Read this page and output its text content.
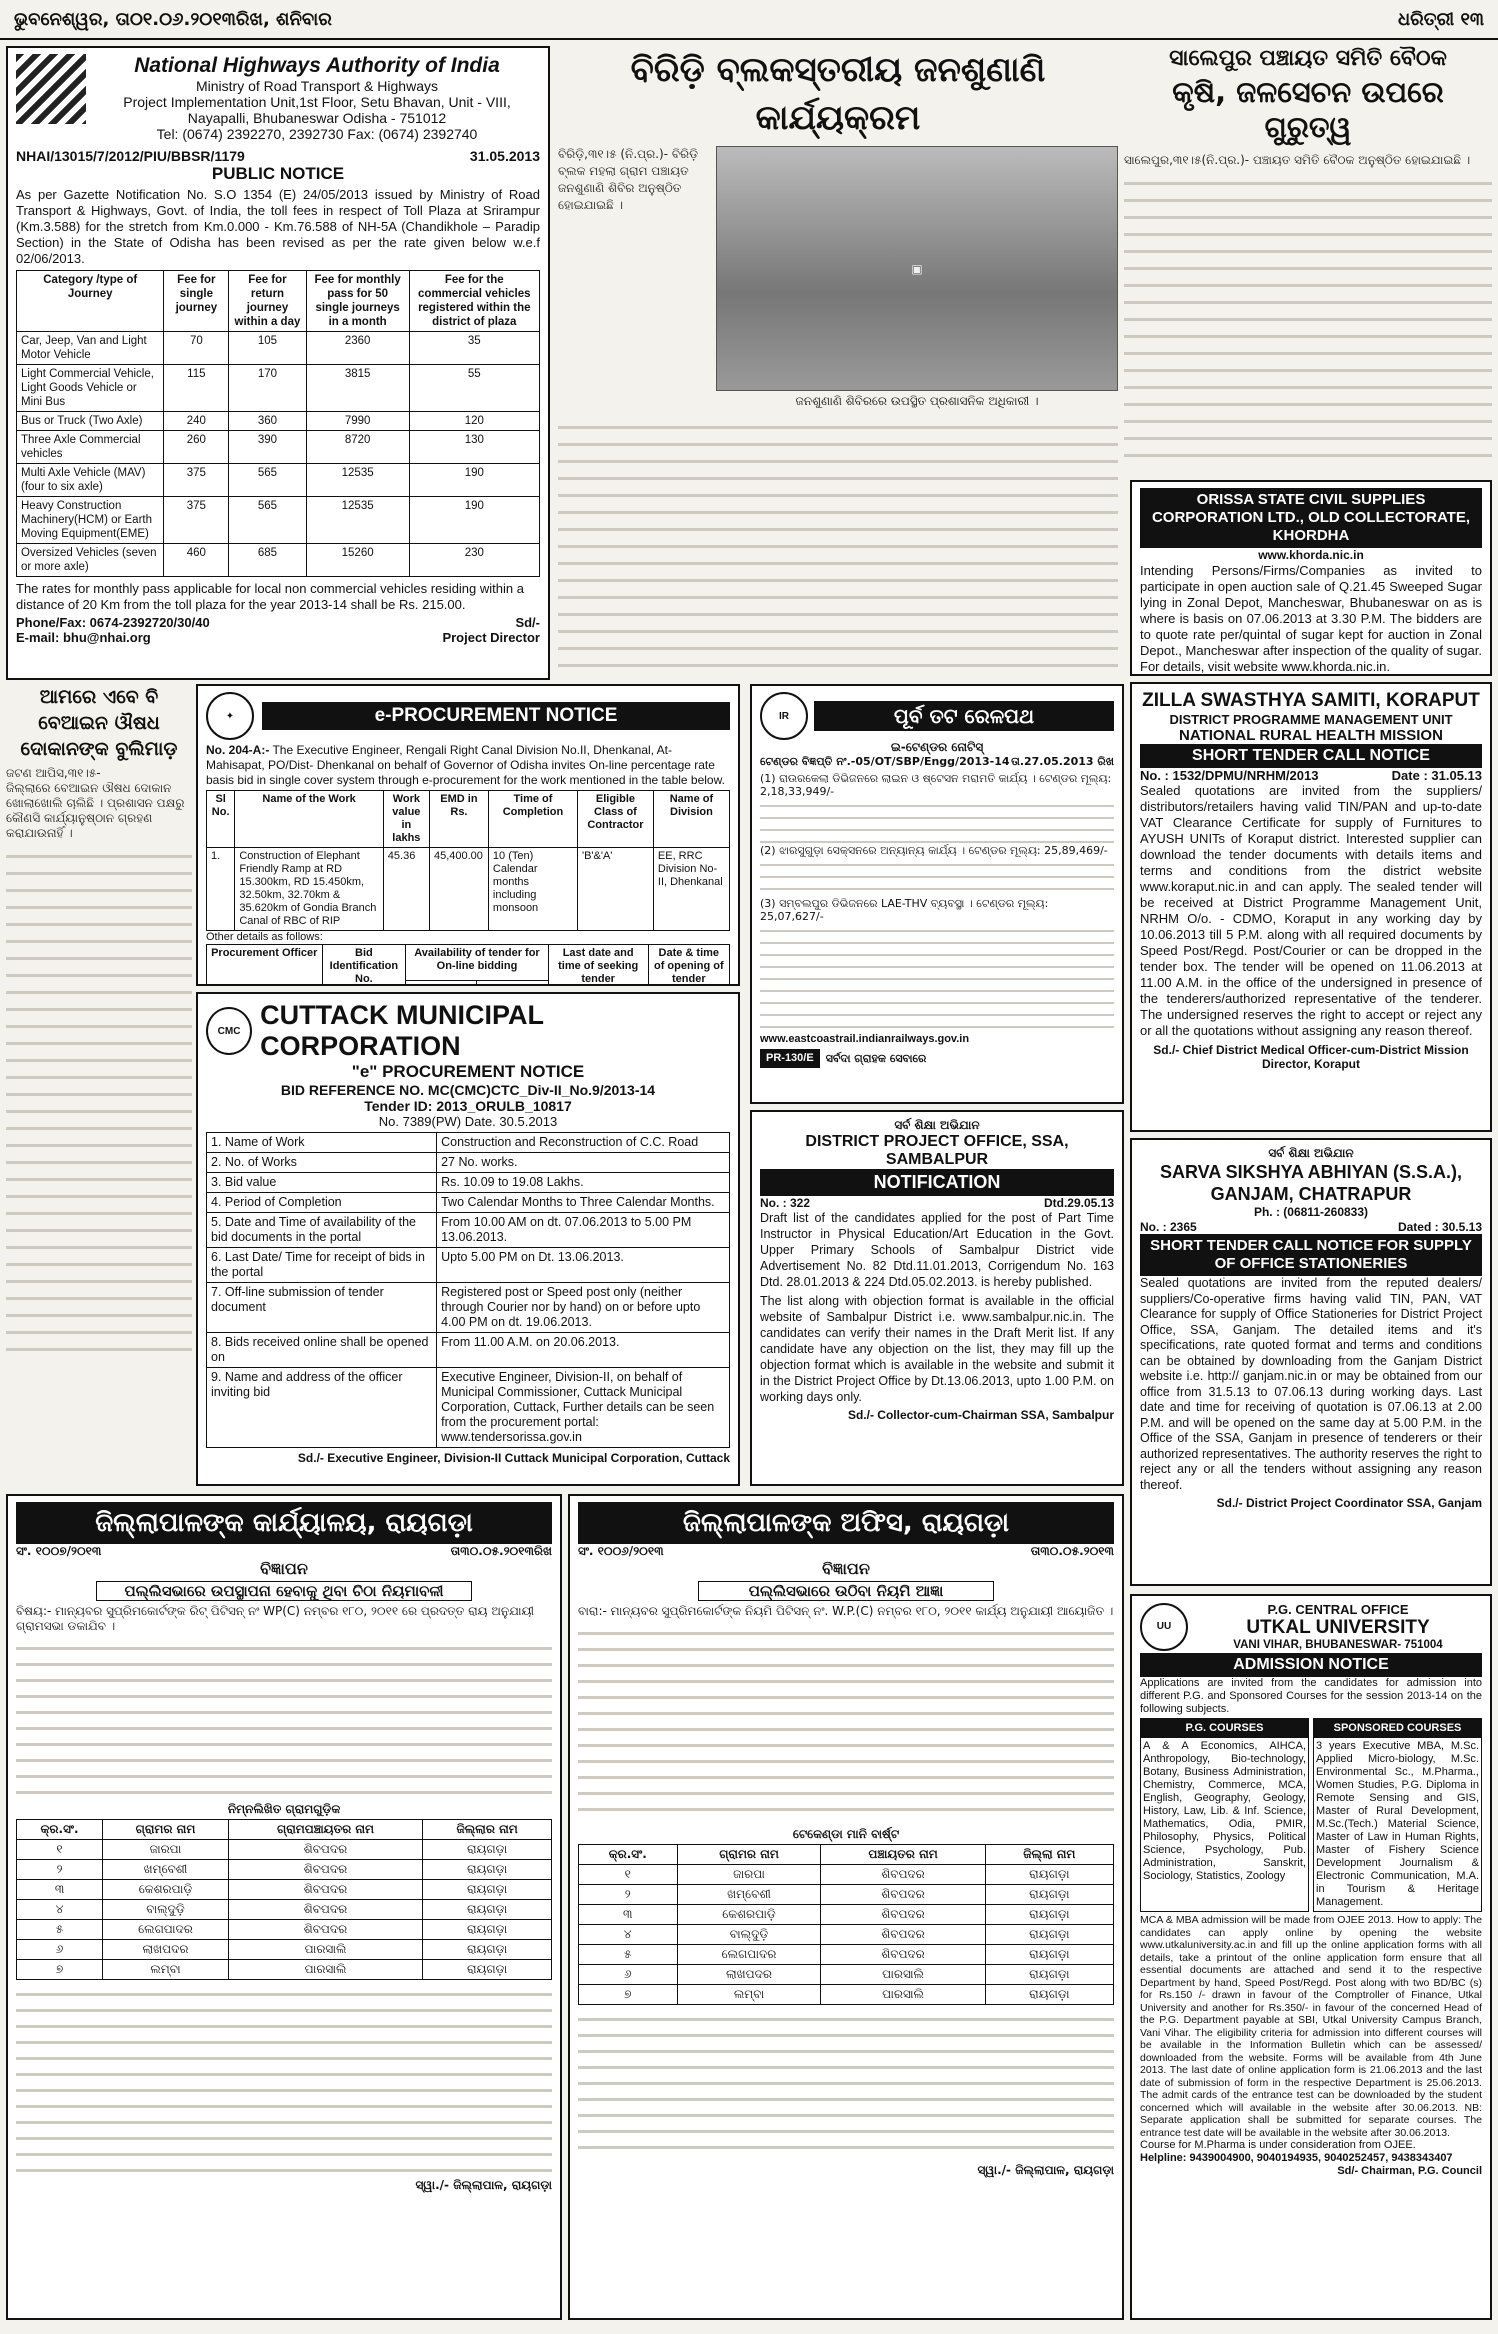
ଭୁବନେଶ୍ୱର, ତା୦୧.୦୬.୨୦୧୩ରିଖ, ଶନିବାର	ଧରିତ୍ରୀ ୧୩
National Highways Authority of India
Ministry of Road Transport & Highways
Project Implementation Unit,1st Floor, Setu Bhavan, Unit - VIII,
Nayapalli, Bhubaneswar Odisha - 751012
Tel: (0674) 2392270, 2392730 Fax: (0674) 2392740
NHAI/13015/7/2012/PIU/BBSR/1179	31.05.2013
PUBLIC NOTICE
As per Gazette Notification No. S.O 1354 (E) 24/05/2013 issued by Ministry of Road Transport & Highways, Govt. of India, the toll fees in respect of Toll Plaza at Srirampur (Km.3.588) for the stretch from Km.0.000 - Km.76.588 of NH-5A (Chandikhole – Paradip Section) in the State of Odisha has been revised as per the rate given below w.e.f 02/06/2013.
Category /type of Journey	Fee for single journey	Fee for return journey within a day	Fee for monthly pass for 50 single journeys in a month	Fee for the commercial vehicles registered within the district of plaza
Car, Jeep, Van and Light Motor Vehicle	70	105	2360	35
Light Commercial Vehicle, Light Goods Vehicle or Mini Bus	115	170	3815	55
Bus or Truck (Two Axle)	240	360	7990	120
Three Axle Commercial vehicles	260	390	8720	130
Multi Axle Vehicle (MAV) (four to six axle)	375	565	12535	190
Heavy Construction Machinery(HCM) or Earth Moving Equipment(EME)	375	565	12535	190
Oversized Vehicles (seven or more axle)	460	685	15260	230
The rates for monthly pass applicable for local non commercial vehicles residing within a distance of 20 Km from the toll plaza for the year 2013-14 shall be Rs. 215.00.
Phone/Fax: 0674-2392720/30/40	Sd/-
E-mail: bhu@nhai.org	Project Director
ବିରିଡ଼ି ବ୍ଲକସ୍ତରୀୟ ଜନଶୁଣାଣି କାର୍ଯ୍ୟକ୍ରମ
ବିରିଡ଼ି,୩୧।୫ (ନି.ପ୍ର.)- ବିରିଡ଼ି ବ୍ଲକ ମହଲା ଗ୍ରାମ ପଞ୍ଚାୟତ ଜନଶୁଣାଣି ଶିବିର ଅନୁଷ୍ଠିତ ହୋଇଯାଇଛି ।
▣
ଜନଶୁଣାଣି ଶିବିରରେ ଉପସ୍ଥିତ ପ୍ରଶାସନିକ ଅଧିକାରୀ ।
ସାଲେପୁର ପଞ୍ଚାୟତ ସମିତି ବୈଠକ
କୃଷି, ଜଳସେଚନ ଉପରେ ଗୁରୁତ୍ୱ
ସାଲେପୁର,୩୧।୫(ନି.ପ୍ର.)- ପଞ୍ଚାୟତ ସମିତି ବୈଠକ ଅନୁଷ୍ଠିତ ହୋଇଯାଇଛି ।
ORISSA STATE CIVIL SUPPLIES CORPORATION LTD., OLD COLLECTORATE, KHORDHA
www.khorda.nic.in
Intending Persons/Firms/Companies as invited to participate in open auction sale of Q.21.45 Sweeped Sugar lying in Zonal Depot, Mancheswar, Bhubaneswar on as is where is basis on 07.06.2013 at 3.30 P.M. The bidders are to quote rate per/quintal of sugar kept for auction in Zonal Depot., Mancheswar after inspection of the quality of sugar. For details, visit website www.khorda.nic.in.
ZILLA SWASTHYA SAMITI, KORAPUT
DISTRICT PROGRAMME MANAGEMENT UNIT
NATIONAL RURAL HEALTH MISSION
SHORT TENDER CALL NOTICE
No. : 1532/DPMU/NRHM/2013	Date : 31.05.13
Sealed quotations are invited from the suppliers/ distributors/retailers having valid TIN/PAN and up-to-date VAT Clearance Certificate for supply of Furnitures to AYUSH UNITs of Koraput district. Interested supplier can download the tender documents with details items and terms and conditions from the district website www.koraput.nic.in and can apply. The sealed tender will be received at District Programme Management Unit, NRHM O/o. - CDMO, Koraput in any working day by 10.06.2013 till 5 P.M. along with all required documents by Speed Post/Regd. Post/Courier or can be dropped in the tender box. The tender will be opened on 11.06.2013 at 11.00 A.M. in the office of the undersigned in presence of the tenderers/authorized representative of the tenderer. The undersigned reserves the right to accept or reject any or all the quotations without assigning any reason thereof.
Sd./- Chief District Medical Officer-cum-District Mission Director, Koraput
ଆମରେ ଏବେ ବି ବେଆଇନ ଔଷଧ ଦୋକାନଙ୍କ ବୁଲିମାଡ଼
ଜଟଣ ଆପିସ,୩୧।୫-
ଜିଲ୍ଲାରେ ବେଆଇନ ଔଷଧ ଦୋକାନ ଖୋଲାଖୋଲି ଚାଲିଛି । ପ୍ରଶାସନ ପକ୍ଷରୁ କୌଣସି କାର୍ଯ୍ୟାନୁଷ୍ଠାନ ଗ୍ରହଣ କରାଯାଉନାହିଁ ।
✦	e-PROCUREMENT NOTICE
No. 204-A:- The Executive Engineer, Rengali Right Canal Division No.II, Dhenkanal, At- Mahisapat, PO/Dist- Dhenkanal on behalf of Governor of Odisha invites On-line percentage rate basis bid in single cover system through e-procurement for the work mentioned in the table below.
Sl No.	Name of the Work	Work value in lakhs	EMD in Rs.	Time of Completion	Eligible Class of Contractor	Name of Division
1.	Construction of Elephant Friendly Ramp at RD 15.300km, RD 15.450km, 32.50km, 32.70km & 35.620km of Gondia Branch Canal of RBC of RIP	45.36	45,400.00	10 (Ten) Calendar months including monsoon	'B'&'A'	EE, RRC Division No-II, Dhenkanal
Other details as follows:
Procurement Officer	Bid Identification No.	Availability of tender for On-line bidding		Last date and time of seeking tender	Date & time of opening of tender

IR	ପୂର୍ବ ତଟ ରେଳପଥ
ଇ-ଟେଣ୍ଡର ନୋଟିସ୍
ଟେଣ୍ଡର ବିଜ୍ଞପ୍ତି ନଂ.-05/OT/SBP/Engg/2013-14 ତା.27.05.2013 ରିଖ
(1) ରାଉରକେଲା ଡିଭିଜନରେ ଲାଇନ ଓ ଷ୍ଟେସନ ମରାମତି କାର୍ଯ୍ୟ । ଟେଣ୍ଡର ମୂଲ୍ୟ: 2,18,33,949/-
(2) ଝାରସୁଗୁଡ଼ା ସେକ୍ସନରେ ଅନ୍ୟାନ୍ୟ କାର୍ଯ୍ୟ । ଟେଣ୍ଡର ମୂଲ୍ୟ: 25,89,469/-
(3) ସମ୍ବଲପୁର ଡିଭିଜନରେ LAE-THV ବ୍ୟବସ୍ଥା । ଟେଣ୍ଡର ମୂଲ୍ୟ: 25,07,627/-
www.eastcoastrail.indianrailways.gov.in
PR-130/E	ସର୍ବଦା ଗ୍ରାହକ ସେବାରେ
CMC
CUTTACK MUNICIPAL CORPORATION
"e" PROCUREMENT NOTICE
BID REFERENCE NO. MC(CMC)CTC_Div-II_No.9/2013-14
Tender ID: 2013_ORULB_10817
No. 7389(PW) Date. 30.5.2013
1. Name of Work	Construction and Reconstruction of C.C. Road
2. No. of Works	27 No. works.
3. Bid value	Rs. 10.09 to 19.08 Lakhs.
4. Period of Completion	Two Calendar Months to Three Calendar Months.
5. Date and Time of availability of the bid documents in the portal	From 10.00 AM on dt. 07.06.2013 to 5.00 PM 13.06.2013.
6. Last Date/ Time for receipt of bids in the portal	Upto 5.00 PM on Dt. 13.06.2013.
7. Off-line submission of tender document	Registered post or Speed post only (neither through Courier nor by hand) on or before upto 4.00 PM on dt. 19.06.2013.
8. Bids received online shall be opened on	From 11.00 A.M. on 20.06.2013.
9. Name and address of the officer inviting bid	Executive Engineer, Division-II, on behalf of Municipal Commissioner, Cuttack Municipal Corporation, Cuttack, Further details can be seen from the procurement portal: www.tendersorissa.gov.in
Sd./- Executive Engineer, Division-II Cuttack Municipal Corporation, Cuttack
ସର୍ବ ଶିକ୍ଷା ଅଭିଯାନ
DISTRICT PROJECT OFFICE, SSA, SAMBALPUR
NOTIFICATION
No. : 322	Dtd.29.05.13
Draft list of the candidates applied for the post of Part Time Instructor in Physical Education/Art Education in the Govt. Upper Primary Schools of Sambalpur District vide Advertisement No. 82 Dtd.11.01.2013, Corrigendum No. 163 Dtd. 28.01.2013 & 224 Dtd.05.02.2013. is hereby published.
The list along with objection format is available in the official website of Sambalpur District i.e. www.sambalpur.nic.in. The candidates can verify their names in the Draft Merit list. If any candidate have any objection on the list, they may fill up the objection format which is available in the website and submit it in the District Project Office by Dt.13.06.2013, upto 1.00 P.M. on working days only.
Sd./- Collector-cum-Chairman SSA, Sambalpur
ସର୍ବ ଶିକ୍ଷା ଅଭିଯାନ
SARVA SIKSHYA ABHIYAN (S.S.A.), GANJAM, CHATRAPUR
Ph. : (06811-260833)
No. : 2365	Dated : 30.5.13
SHORT TENDER CALL NOTICE FOR SUPPLY OF OFFICE STATIONERIES
Sealed quotations are invited from the reputed dealers/ suppliers/Co-operative firms having valid TIN, PAN, VAT Clearance for supply of Office Stationeries for District Project Office, SSA, Ganjam. The detailed items and it's specifications, rate quoted format and terms and conditions can be obtained by downloading from the Ganjam District website i.e. http:// ganjam.nic.in or may be obtained from our office from 31.5.13 to 07.06.13 during working days. Last date and time for receiving of quotation is 07.06.13 at 2.00 P.M. and will be opened on the same day at 5.00 P.M. in the Office of the SSA, Ganjam in presence of tenderers or their authorized representatives. The authority reserves the right to reject any or all the tenders without assigning any reason thereof.
Sd./- District Project Coordinator SSA, Ganjam
ଜିଲ୍ଲାପାଳଙ୍କ କାର୍ଯ୍ୟାଳୟ, ରାୟଗଡ଼ା
ସଂ. ୧୦୦୭/୨୦୧୩	ତା୩୦.୦୫.୨୦୧୩ରିଖ
ବିଜ୍ଞାପନ
ପଲ୍ଲିସଭାରେ ଉପସ୍ଥାପନା ହେବାକୁ ଥିବା ଚିଠା ନିୟମାବଳୀ
ବିଷୟ:- ମାନ୍ୟବର ସୁପ୍ରିମକୋର୍ଟଙ୍କ ରିଟ୍ ପିଟିସନ୍ ନଂ WP(C) ନମ୍ବର ୧୮୦, ୨୦୧୧ ରେ ପ୍ରଦତ୍ତ ରାୟ ଅନୁଯାୟୀ ଗ୍ରାମସଭା ଡକାଯିବ ।
ନିମ୍ନଲିଖିତ ଗ୍ରାମଗୁଡ଼ିକ
କ୍ର.ସଂ.	ଗ୍ରାମର ନାମ	ଗ୍ରାମପଞ୍ଚାୟତର ନାମ	ଜିଲ୍ଲାର ନାମ
୧	ଜାରପା	ଶିବପଦର	ରାୟଗଡ଼ା
୨	ଖମ୍ବେଶୀ	ଶିବପଦର	ରାୟଗଡ଼ା
୩	କେଶରପାଡ଼ି	ଶିବପଦର	ରାୟଗଡ଼ା
୪	ବାଲ୍ଦୁଡ଼ି	ଶିବପଦର	ରାୟଗଡ଼ା
୫	ଲେଗପାଦର	ଶିବପଦର	ରାୟଗଡ଼ା
୬	ଲାଖପଦର	ପାରସାଲି	ରାୟଗଡ଼ା
୭	ଲମ୍ବା	ପାରସାଲି	ରାୟଗଡ଼ା
ସ୍ୱା./- ଜିଲ୍ଲାପାଳ, ରାୟଗଡ଼ା
ଜିଲ୍ଲାପାଳଙ୍କ ଅଫିସ, ରାୟଗଡ଼ା
ସଂ. ୧୦୦୬/୨୦୧୩	ତା୩୦.୦୫.୨୦୧୩
ବିଜ୍ଞାପନ
ପଲ୍ଲିସଭାରେ ଉଠିବା ନିୟମି ଆଜ୍ଞା
ବାରା:- ମାନ୍ୟବର ସୁପ୍ରିମକୋର୍ଟଙ୍କ ନିୟମି ପିଟିସନ୍ ନଂ. W.P.(C) ନମ୍ବର ୧୮୦, ୨୦୧୧ କାର୍ଯ୍ୟ ଅନୁଯାୟୀ ଆୟୋଜିତ ।
ଟେକେଣ୍ଡା ମାନି ବାର୍ଷ୍ଟ
କ୍ର.ସଂ.	ଗ୍ରାମର ନାମ	ପଞ୍ଚାୟତର ନାମ	ଜିଲ୍ଲା ନାମ
୧	ଜାରପା	ଶିବପଦର	ରାୟଗଡ଼ା
୨	ଖମ୍ବେଶୀ	ଶିବପଦର	ରାୟଗଡ଼ା
୩	କେଶରପାଡ଼ି	ଶିବପଦର	ରାୟଗଡ଼ା
୪	ବାଲ୍ଦୁଡ଼ି	ଶିବପଦର	ରାୟଗଡ଼ା
୫	ଲେଗପାଦର	ଶିବପଦର	ରାୟଗଡ଼ା
୬	ଲାଖପଦର	ପାରସାଲି	ରାୟଗଡ଼ା
୭	ଲମ୍ବା	ପାରସାଲି	ରାୟଗଡ଼ା
ସ୍ୱା./- ଜିଲ୍ଲାପାଳ, ରାୟଗଡ଼ା
UU
P.G. CENTRAL OFFICE
UTKAL UNIVERSITY
VANI VIHAR, BHUBANESWAR- 751004
ADMISSION NOTICE
Applications are invited from the candidates for admission into different P.G. and Sponsored Courses for the session 2013-14 on the following subjects.
P.G. COURSES
A & A Economics, AIHCA, Anthropology, Bio-technology, Botany, Business Administration, Chemistry, Commerce, MCA, English, Geography, Geology, History, Law, Lib. & Inf. Science, Mathematics, Odia, PMIR, Philosophy, Physics, Political Science, Psychology, Pub. Administration, Sanskrit, Sociology, Statistics, Zoology
SPONSORED COURSES
3 years Executive MBA, M.Sc. Applied Micro-biology, M.Sc. Environmental Sc., M.Pharma., Women Studies, P.G. Diploma in Remote Sensing and GIS, Master of Rural Development, M.Sc.(Tech.) Material Science, Master of Law in Human Rights, Master of Fishery Science Development Journalism & Electronic Communication, M.A. in Tourism & Heritage Management.
MCA & MBA admission will be made from OJEE 2013. How to apply: The candidates can apply online by opening the website www.utkaluniversity.ac.in and fill up the online application forms with all details, take a printout of the online application form ensure that all essential documents are attached and send it to the respective Department by hand, Speed Post/Regd. Post along with two BD/BC (s) for Rs.150 /- drawn in favour of the Comptroller of Finance, Utkal University and another for Rs.350/- in favour of the concerned Head of the P.G. Department payable at SBI, Utkal University Campus Branch, Vani Vihar. The eligibility criteria for admission into different courses will be available in the Information Bulletin which can be assessed/ downloaded from the website. Forms will be available from 4th June 2013. The last date of online application form is 21.06.2013 and the last date of submission of form in the respective Department is 25.06.2013. The admit cards of the entrance test can be downloaded by the student concerned which will available in the website after 30.06.2013. NB: Separate application shall be submitted for separate courses. The entrance test date will be available in the website after 30.06.2013.
Course for M.Pharma is under consideration from OJEE.
Helpline: 9439004900, 9040194935, 9040252457, 9438343407
Sd/- Chairman, P.G. Council
